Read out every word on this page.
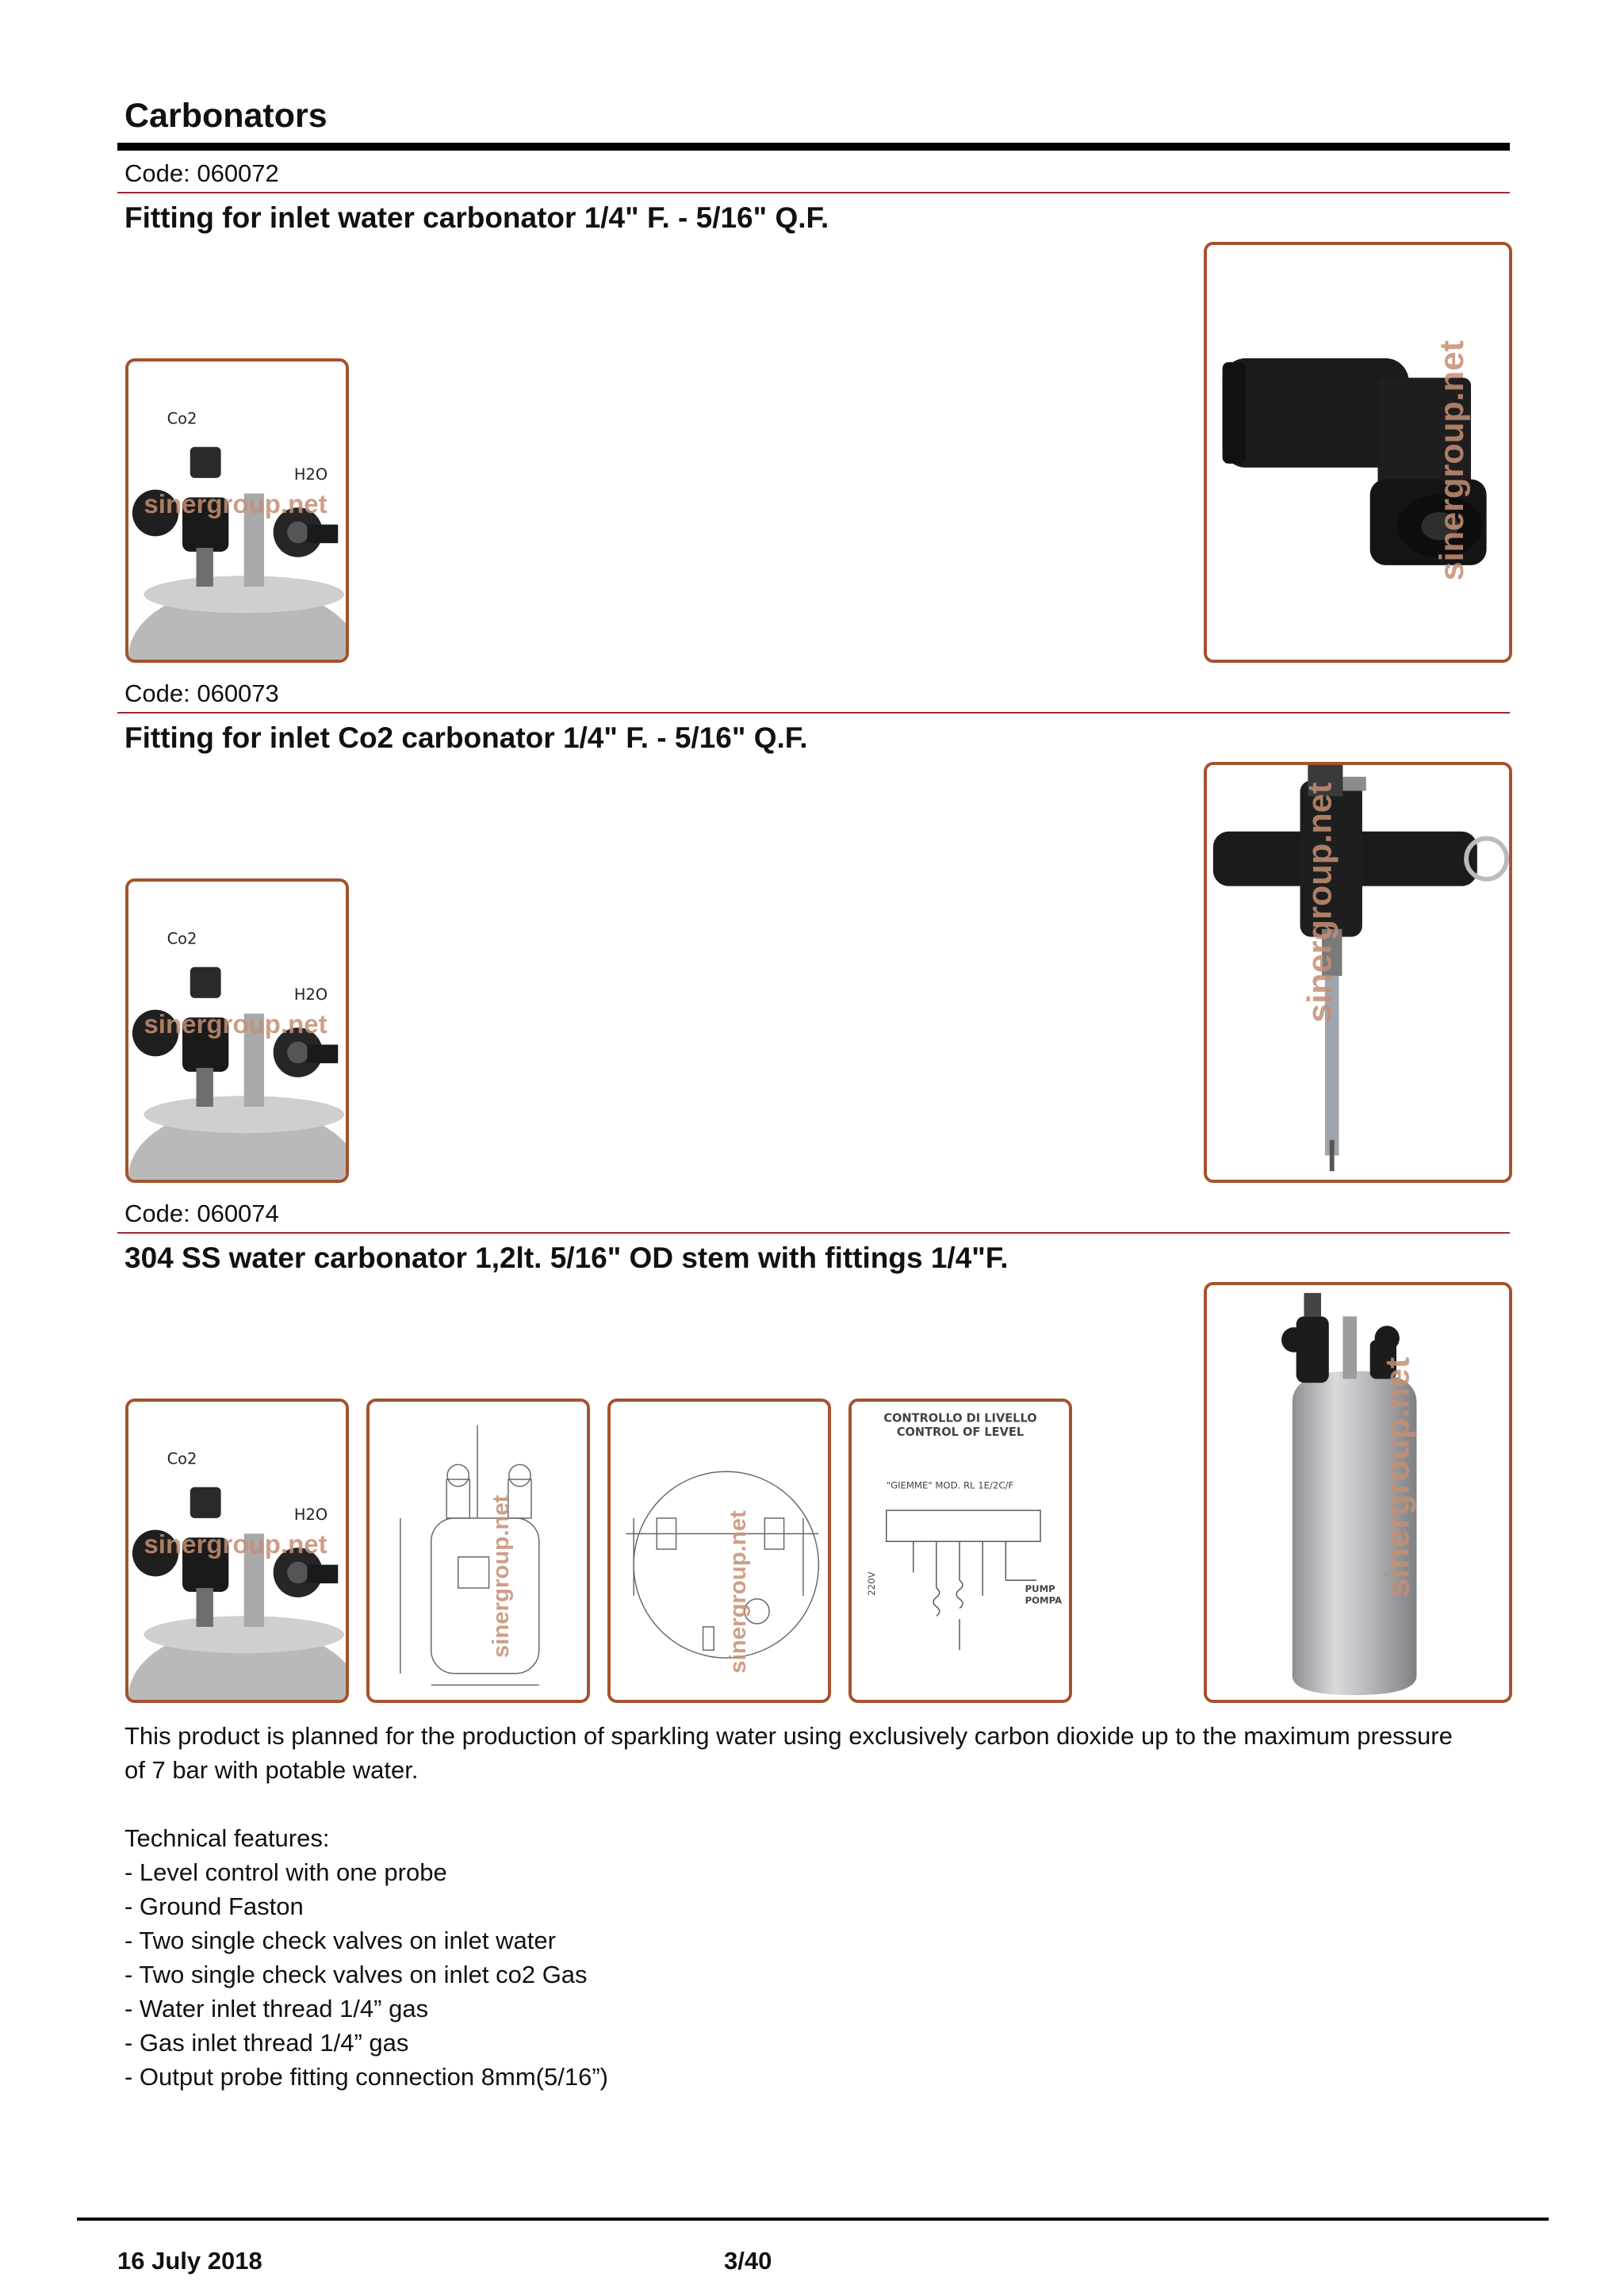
Carbonators
Code: 060072
Fitting for inlet water carbonator 1/4" F. - 5/16" Q.F.
Co2
H2O
sinergroup.net	sinergroup.net
Code: 060073
Fitting for inlet Co2 carbonator 1/4" F. - 5/16" Q.F.
Co2
H2O
sinergroup.net
sinergroup.net
Code: 060074
304 SS water carbonator 1,2lt. 5/16" OD stem with fittings 1/4"F.
Co2
H2O
sinergroup.net	sinergroup.net	sinergroup.net
CONTROLLO DI LIVELLO
CONTROL OF LEVEL
"GIEMME" MOD. RL 1E/2C/F
220V	PUMP
POMPA
sinergroup.net

This product is planned for the production of sparkling water using exclusively carbon dioxide up to the maximum pressure of 7 bar with potable water.

Technical features:

- Level control with one probe
- Ground Faston
- Two single check valves on inlet water
- Two single check valves on inlet co2 Gas
- Water inlet thread 1/4” gas
- Gas inlet thread 1/4” gas
- Output probe fitting connection 8mm(5/16”)
16 July 2018	3/40
